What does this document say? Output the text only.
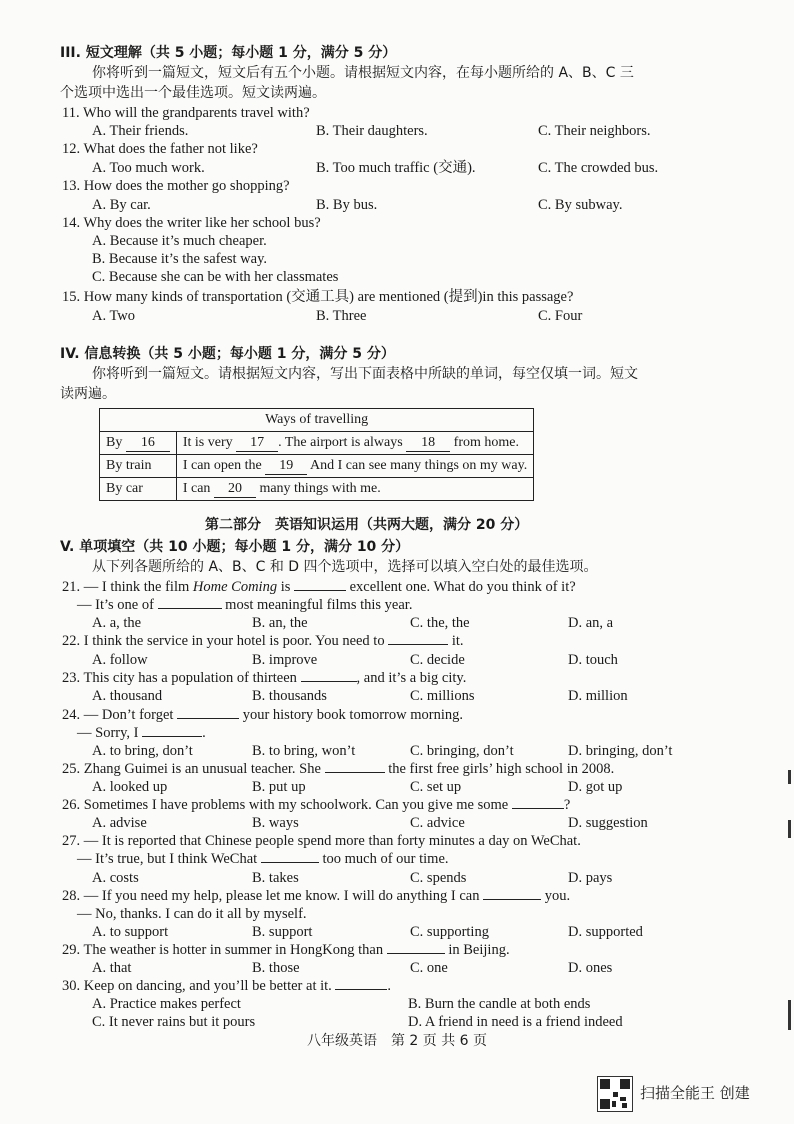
III. 短文理解（共 5 小题；每小题 1 分，满分 5 分）
你将听到一篇短文，短文后有五个小题。请根据短文内容，在每小题所给的 A、B、C 三
个选项中选出一个最佳选项。短文读两遍。
11. Who will the grandparents travel with?
A. Their friends.	B. Their daughters.	C. Their neighbors.
12. What does the father not like?
A. Too much work.	B. Too much traffic (交通).	C. The crowded bus.
13. How does the mother go shopping?
A. By car.	B. By bus.	C. By subway.
14. Why does the writer like her school bus?
A. Because it’s much cheaper.
B. Because it’s the safest way.
C. Because she can be with her classmates
15. How many kinds of transportation (交通工具) are mentioned (提到)in this passage?
A. Two	B. Three	C. Four
IV. 信息转换（共 5 小题；每小题 1 分，满分 5 分）
你将听到一篇短文。请根据短文内容，写出下面表格中所缺的单词，每空仅填一词。短文
读两遍。
Ways of travelling	
By 16	It is very 17 . The airport is always 18 from home.
By train	I can open the 19 And I can see many things on my way.
By car	I can 20 many things with me.
第二部分　英语知识运用（共两大题，满分 20 分）
V. 单项填空（共 10 小题；每小题 1 分，满分 10 分）
从下列各题所给的 A、B、C 和 D 四个选项中，选择可以填入空白处的最佳选项。
21. — I think the film Home Coming is	excellent one. What do you think of it?
— It’s one of	most meaningful films this year.
A. a, the	B. an, the	C. the, the	D. an, a
22. I think the service in your hotel is poor. You need to	it.
A. follow	B. improve	C. decide	D. touch
23. This city has a population of thirteen	, and it’s a big city.
A. thousand	B. thousands	C. millions	D. million
24. — Don’t forget	your history book tomorrow morning.
— Sorry, I	.
A. to bring, don’t	B. to bring, won’t	C. bringing, don’t	D. bringing, don’t
25. Zhang Guimei is an unusual teacher. She	the first free girls’ high school in 2008.
A. looked up	B. put up	C. set up	D. got up
26. Sometimes I have problems with my schoolwork. Can you give me some	?
A. advise	B. ways	C. advice	D. suggestion
27. — It is reported that Chinese people spend more than forty minutes a day on WeChat.
— It’s true, but I think WeChat	too much of our time.
A. costs	B. takes	C. spends	D. pays
28. — If you need my help, please let me know. I will do anything I can	you.
— No, thanks. I can do it all by myself.
A. to support	B. support	C. supporting	D. supported
29. The weather is hotter in summer in HongKong than	in Beijing.
A. that	B. those	C. one	D. ones
30. Keep on dancing, and you’ll be better at it.	.
A. Practice makes perfect	B. Burn the candle at both ends
C. It never rains but it pours	D. A friend in need is a friend indeed
八年级英语　第 2 页 共 6 页
扫描全能王 创建
